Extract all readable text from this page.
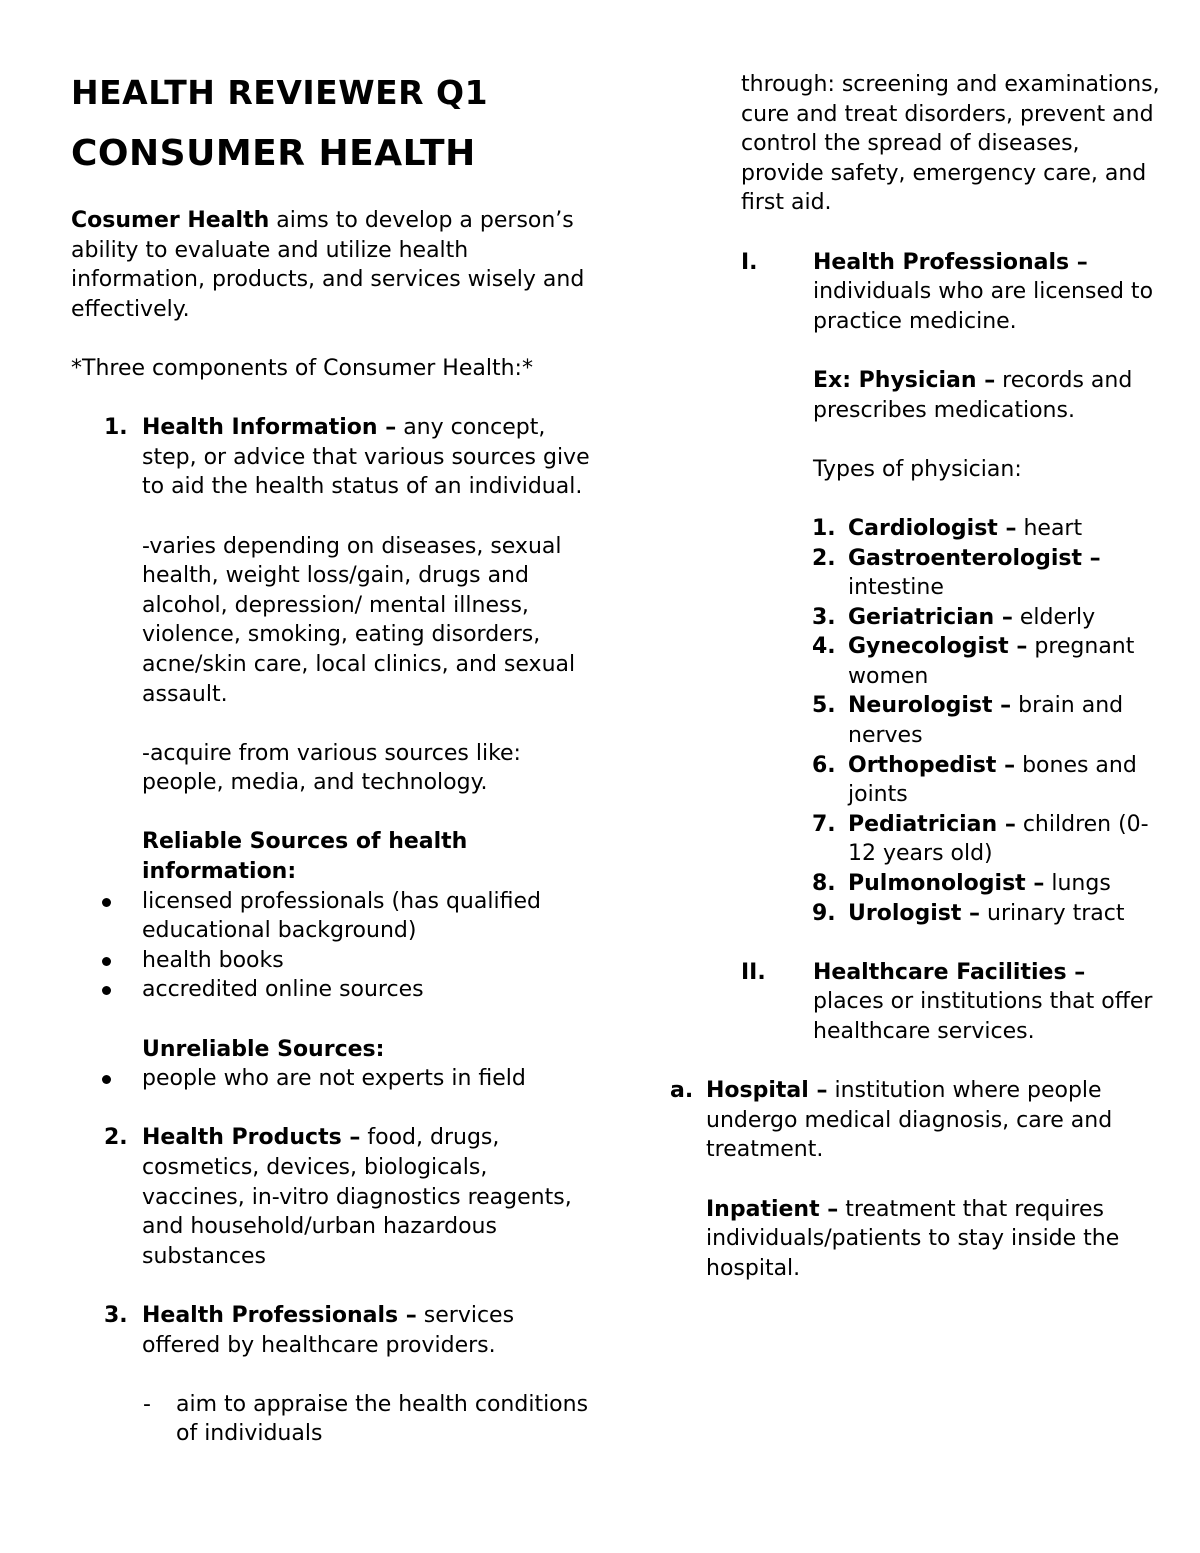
HEALTH REVIEWER Q1
CONSUMER HEALTH

Cosumer Health aims to develop a person’s ability to evaluate and utilize health information, products, and services wisely and effectively.

*Three components of Consumer Health:*

1. Health Information – any concept, step, or advice that various sources give to aid the health status of an individual.

-varies depending on diseases, sexual health, weight loss/gain, drugs and alcohol, depression/ mental illness, violence, smoking, eating disorders, acne/skin care, local clinics, and sexual assault.

-acquire from various sources like: people, media, and technology.

Reliable Sources of health information:

licensed professionals (has qualified educational background)
health books
accredited online sources

Unreliable Sources:

people who are not experts in field
2. Health Products – food, drugs, cosmetics, devices, biologicals, vaccines, in-vitro diagnostics reagents, and household/urban hazardous substances
3. Health Professionals – services offered by healthcare providers.
- aim to appraise the health conditions of individuals

through: screening and examinations, cure and treat disorders, prevent and control the spread of diseases, provide safety, emergency care, and first aid.

I.	Health Professionals – individuals who are licensed to practice medicine.

Ex: Physician – records and prescribes medications.

Types of physician:

1. Cardiologist – heart
2. Gastroenterologist – intestine
3. Geriatrician – elderly
4. Gynecologist – pregnant women
5. Neurologist – brain and nerves
6. Orthopedist – bones and joints
7. Pediatrician – children (0-12 years old)
8. Pulmonologist – lungs
9. Urologist – urinary tract
II. Healthcare Facilities – places or institutions that offer healthcare services.
a. Hospital – institution where people undergo medical diagnosis, care and treatment.

Inpatient – treatment that requires individuals/patients to stay inside the hospital.
